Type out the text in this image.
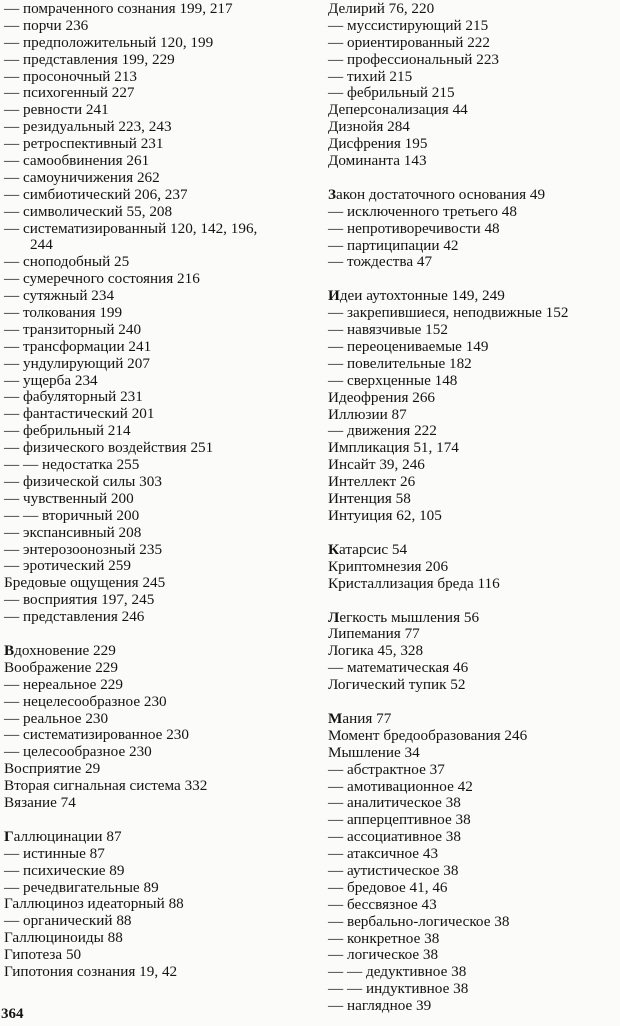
— помраченного сознания 199, 217
— порчи 236
— предположительный 120, 199
— представления 199, 229
— просоночный 213
— психогенный 227
— ревности 241
— резидуальный 223, 243
— ретроспективный 231
— самообвинения 261
— самоуничижения 262
— симбиотический 206, 237
— символический 55, 208
— систематизированный 120, 142, 196,
244
— сноподобный 25
— сумеречного состояния 216
— сутяжный 234
— толкования 199
— транзиторный 240
— трансформации 241
— ундулирующий 207
— ущерба 234
— фабуляторный 231
— фантастический 201
— фебрильный 214
— физического воздействия 251
— — недостатка 255
— физической силы 303
— чувственный 200
— — вторичный 200
— экспансивный 208
— энтерозоонозный 235
— эротический 259
Бредовые ощущения 245
— восприятия 197, 245
— представления 246
Вдохновение 229
Воображение 229
— нереальное 229
— нецелесообразное 230
— реальное 230
— систематизированное 230
— целесообразное 230
Восприятие 29
Вторая сигнальная система 332
Вязание 74
Галлюцинации 87
— истинные 87
— психические 89
— речедвигательные 89
Галлюциноз идеаторный 88
— органический 88
Галлюциноиды 88
Гипотеза 50
Гипотония сознания 19, 42
Делирий 76, 220
— муссистирующий 215
— ориентированный 222
— профессиональный 223
— тихий 215
— фебрильный 215
Деперсонализация 44
Дизнойя 284
Дисфрения 195
Доминанта 143
Закон достаточного основания 49
— исключенного третьего 48
— непротиворечивости 48
— партиципации 42
— тождества 47
Идеи аутохтонные 149, 249
— закрепившиеся, неподвижные 152
— навязчивые 152
— переоцениваемые 149
— повелительные 182
— сверхценные 148
Идеофрения 266
Иллюзии 87
— движения 222
Импликация 51, 174
Инсайт 39, 246
Интеллект 26
Интенция 58
Интуиция 62, 105
Катарсис 54
Криптомнезия 206
Кристаллизация бреда 116
Легкость мышления 56
Липемания 77
Логика 45, 328
— математическая 46
Логический тупик 52
Мания 77
Момент бредообразования 246
Мышление 34
— абстрактное 37
— амотивационное 42
— аналитическое 38
— апперцептивное 38
— ассоциативное 38
— атаксичное 43
— аутистическое 38
— бредовое 41, 46
— бессвязное 43
— вербально-логическое 38
— конкретное 38
— логическое 38
— — дедуктивное 38
— — индуктивное 38
— наглядное 39
364
